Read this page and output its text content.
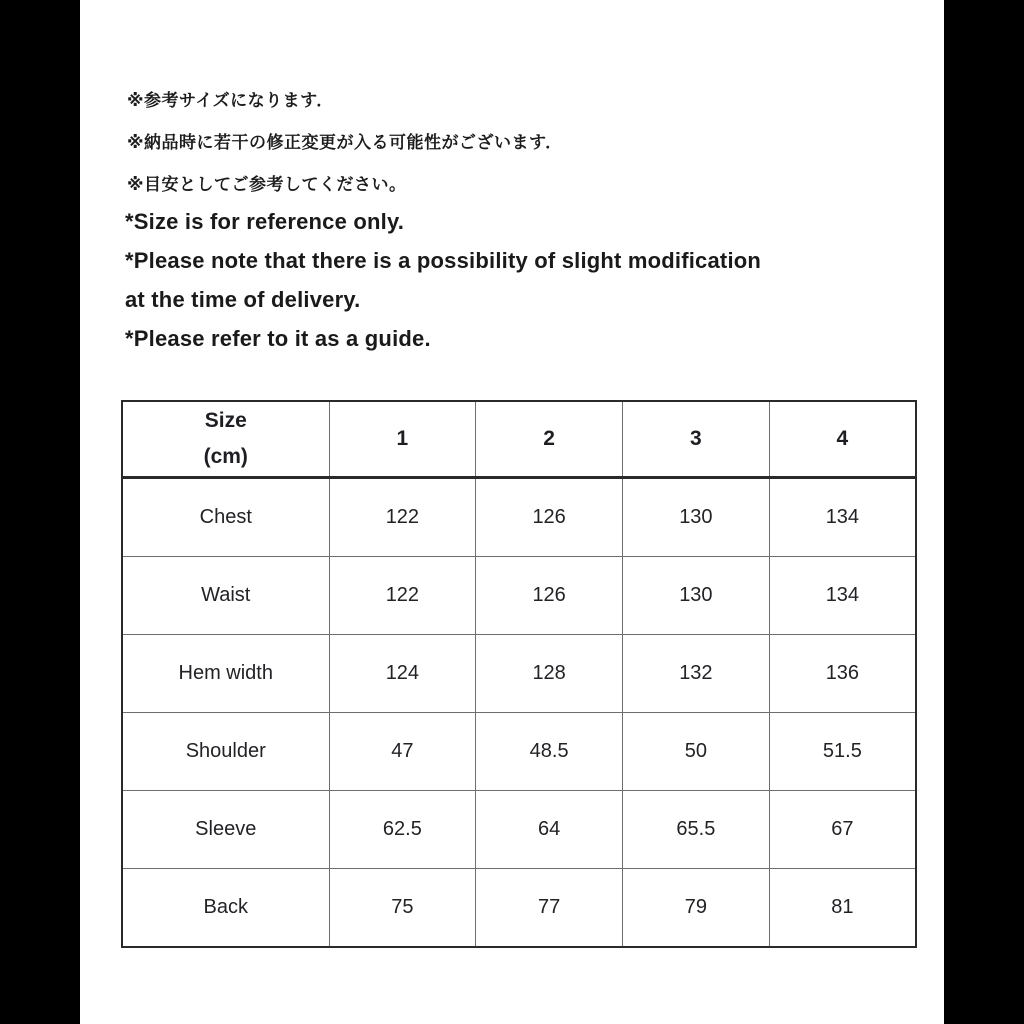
※参考サイズになります．
※納品時に若干の修正変更が入る可能性がございます．
※目安としてご参考してください。
*Size is for reference only.
*Please note that there is a possibility of slight modification
at the time of delivery.
*Please refer to it as a guide.
Size
(cm)	1	2	3	4
Chest	122	126	130	134
Waist	122	126	130	134
Hem width	124	128	132	136
Shoulder	47	48.5	50	51.5
Sleeve	62.5	64	65.5	67
Back	75	77	79	81
